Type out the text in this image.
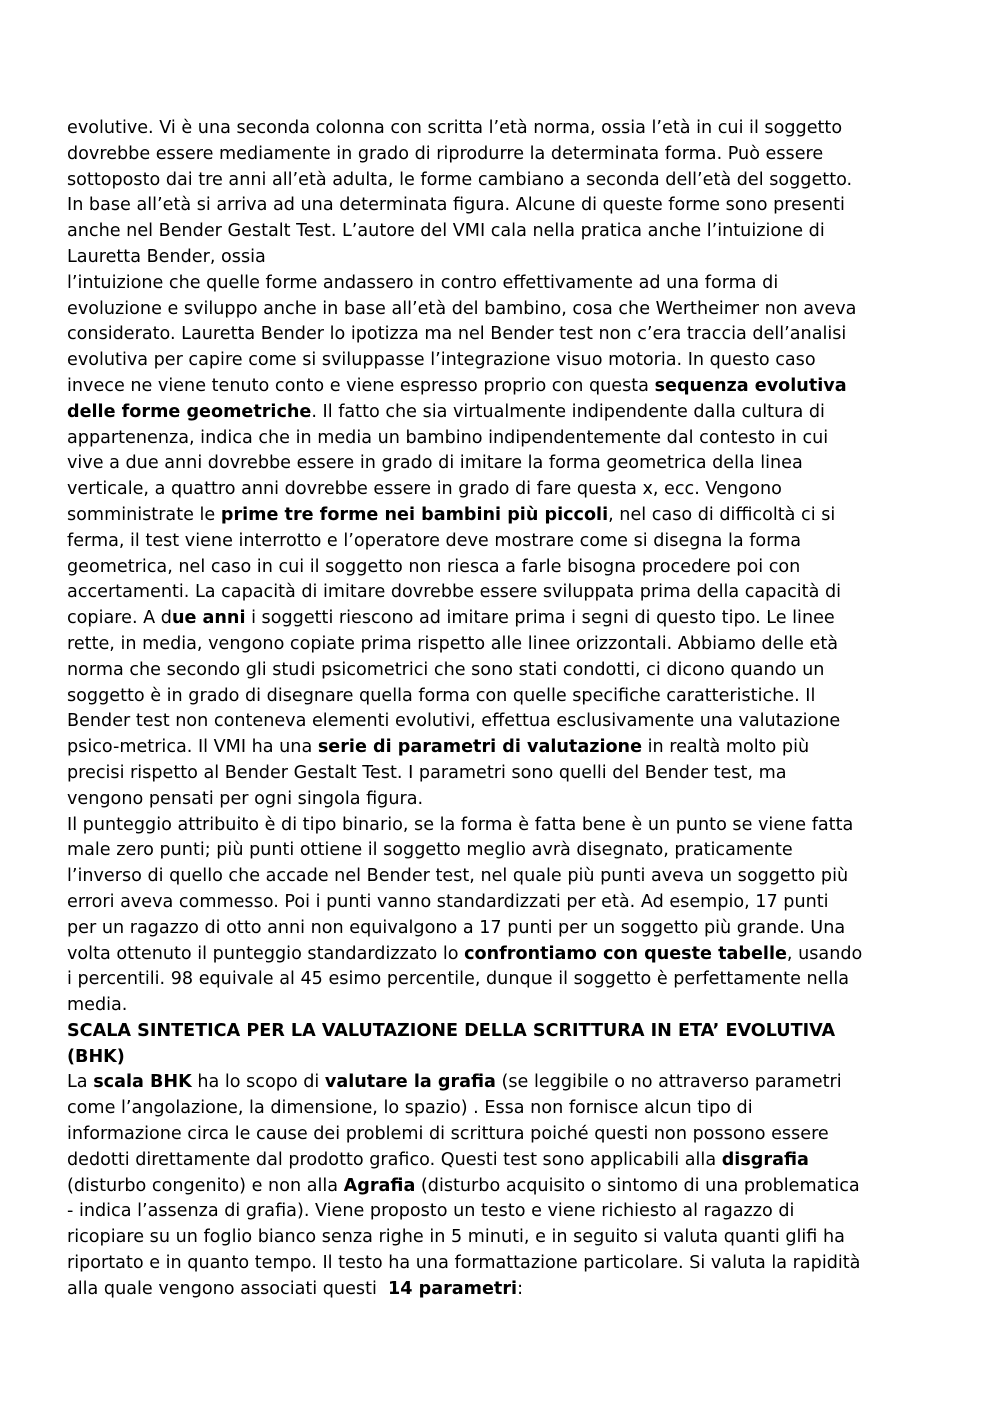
evolutive. Vi è una seconda colonna con scritta l’età norma, ossia l’età in cui il soggetto
dovrebbe essere mediamente in grado di riprodurre la determinata forma. Può essere
sottoposto dai tre anni all’età adulta, le forme cambiano a seconda dell’età del soggetto.
In base all’età si arriva ad una determinata figura. Alcune di queste forme sono presenti
anche nel Bender Gestalt Test. L’autore del VMI cala nella pratica anche l’intuizione di
Lauretta Bender, ossia
l’intuizione che quelle forme andassero in contro effettivamente ad una forma di
evoluzione e sviluppo anche in base all’età del bambino, cosa che Wertheimer non aveva
considerato. Lauretta Bender lo ipotizza ma nel Bender test non c’era traccia dell’analisi
evolutiva per capire come si sviluppasse l’integrazione visuo motoria. In questo caso
invece ne viene tenuto conto e viene espresso proprio con questa sequenza evolutiva
delle forme geometriche. Il fatto che sia virtualmente indipendente dalla cultura di
appartenenza, indica che in media un bambino indipendentemente dal contesto in cui
vive a due anni dovrebbe essere in grado di imitare la forma geometrica della linea
verticale, a quattro anni dovrebbe essere in grado di fare questa x, ecc. Vengono
somministrate le prime tre forme nei bambini più piccoli, nel caso di difficoltà ci si
ferma, il test viene interrotto e l’operatore deve mostrare come si disegna la forma
geometrica, nel caso in cui il soggetto non riesca a farle bisogna procedere poi con
accertamenti. La capacità di imitare dovrebbe essere sviluppata prima della capacità di
copiare. A due anni i soggetti riescono ad imitare prima i segni di questo tipo. Le linee
rette, in media, vengono copiate prima rispetto alle linee orizzontali. Abbiamo delle età
norma che secondo gli studi psicometrici che sono stati condotti, ci dicono quando un
soggetto è in grado di disegnare quella forma con quelle specifiche caratteristiche. Il
Bender test non conteneva elementi evolutivi, effettua esclusivamente una valutazione
psico-metrica. Il VMI ha una serie di parametri di valutazione in realtà molto più
precisi rispetto al Bender Gestalt Test. I parametri sono quelli del Bender test, ma
vengono pensati per ogni singola figura.
Il punteggio attribuito è di tipo binario, se la forma è fatta bene è un punto se viene fatta
male zero punti; più punti ottiene il soggetto meglio avrà disegnato, praticamente
l’inverso di quello che accade nel Bender test, nel quale più punti aveva un soggetto più
errori aveva commesso. Poi i punti vanno standardizzati per età. Ad esempio, 17 punti
per un ragazzo di otto anni non equivalgono a 17 punti per un soggetto più grande. Una
volta ottenuto il punteggio standardizzato lo confrontiamo con queste tabelle, usando
i percentili. 98 equivale al 45 esimo percentile, dunque il soggetto è perfettamente nella
media.
SCALA SINTETICA PER LA VALUTAZIONE DELLA SCRITTURA IN ETA’ EVOLUTIVA
(BHK)
La scala BHK ha lo scopo di valutare la grafia (se leggibile o no attraverso parametri
come l’angolazione, la dimensione, lo spazio) . Essa non fornisce alcun tipo di
informazione circa le cause dei problemi di scrittura poiché questi non possono essere
dedotti direttamente dal prodotto grafico. Questi test sono applicabili alla disgrafia
(disturbo congenito) e non alla Agrafia (disturbo acquisito o sintomo di una problematica
- indica l’assenza di grafia). Viene proposto un testo e viene richiesto al ragazzo di
ricopiare su un foglio bianco senza righe in 5 minuti, e in seguito si valuta quanti glifi ha
riportato e in quanto tempo. Il testo ha una formattazione particolare. Si valuta la rapidità
alla quale vengono associati questi  14 parametri:
